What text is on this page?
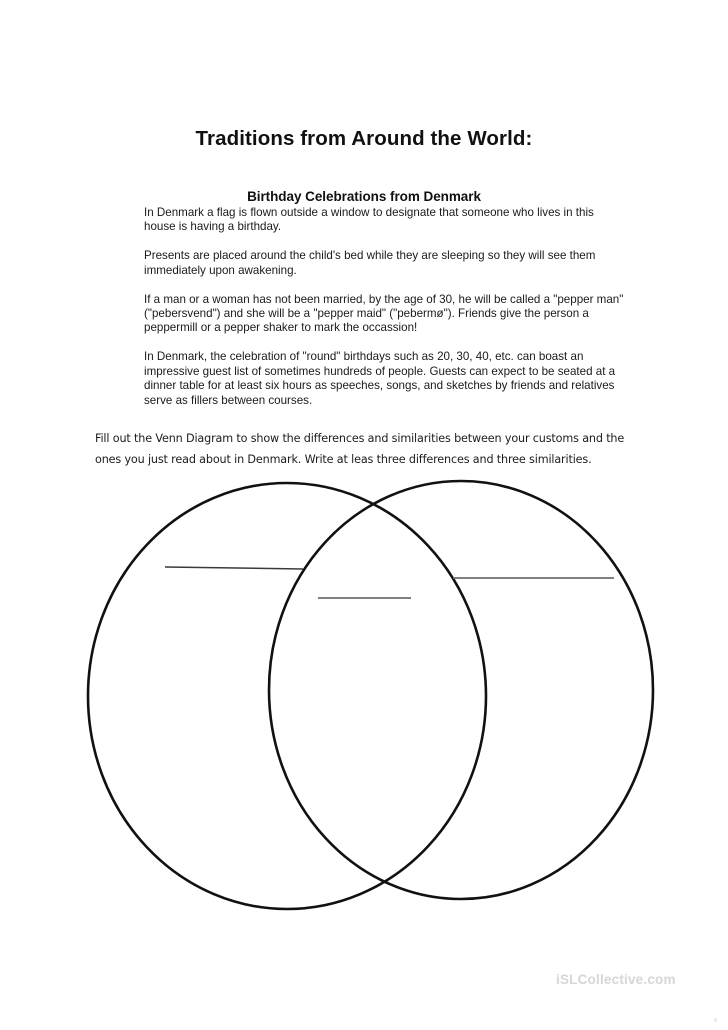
Traditions from Around the World:
Birthday Celebrations from Denmark

In Denmark a flag is flown outside a window to designate that someone who lives in this house is having a birthday.

Presents are placed around the child's bed while they are sleeping so they will see them immediately upon awakening.

If a man or a woman has not been married, by the age of 30, he will be called a "pepper man" ("pebersvend") and she will be a "pepper maid" ("pebermø"). Friends give the person a peppermill or a pepper shaker to mark the occassion!

In Denmark, the celebration of "round" birthdays such as 20, 30, 40, etc. can boast an impressive guest list of sometimes hundreds of people. Guests can expect to be seated at a dinner table for at least six hours as speeches, songs, and sketches by friends and relatives serve as fillers between courses.

Fill out the Venn Diagram to show the differences and similarities between your customs and the ones you just read about in Denmark. Write at leas three differences and three similarities.

iSLCollective.com
